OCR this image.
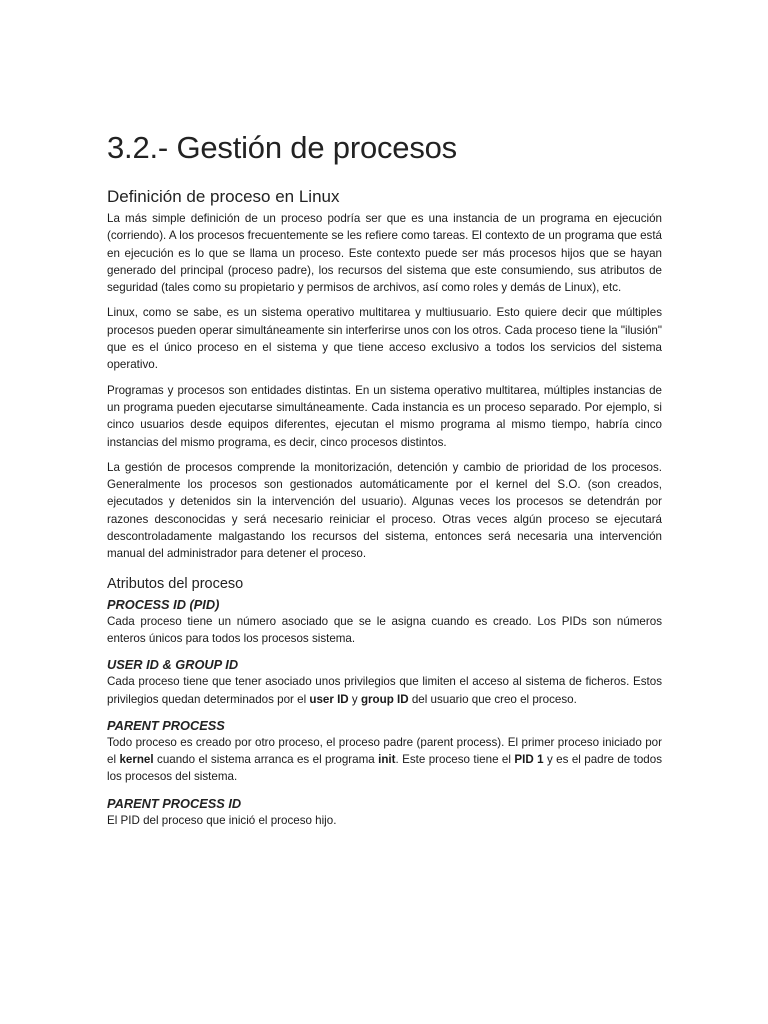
3.2.- Gestión de procesos
Definición de proceso en Linux

La más simple definición de un proceso podría ser que es una instancia de un programa en ejecución (corriendo). A los procesos frecuentemente se les refiere como tareas. El contexto de un programa que está en ejecución es lo que se llama un proceso. Este contexto puede ser más procesos hijos que se hayan generado del principal (proceso padre), los recursos del sistema que este consumiendo, sus atributos de seguridad (tales como su propietario y permisos de archivos, así como roles y demás de Linux), etc.

Linux, como se sabe, es un sistema operativo multitarea y multiusuario. Esto quiere decir que múltiples procesos pueden operar simultáneamente sin interferirse unos con los otros. Cada proceso tiene la "ilusión" que es el único proceso en el sistema y que tiene acceso exclusivo a todos los servicios del sistema operativo.

Programas y procesos son entidades distintas. En un sistema operativo multitarea, múltiples instancias de un programa pueden ejecutarse simultáneamente. Cada instancia es un proceso separado. Por ejemplo, si cinco usuarios desde equipos diferentes, ejecutan el mismo programa al mismo tiempo, habría cinco instancias del mismo programa, es decir, cinco procesos distintos.

La gestión de procesos comprende la monitorización, detención y cambio de prioridad de los procesos. Generalmente los procesos son gestionados automáticamente por el kernel del S.O. (son creados, ejecutados y detenidos sin la intervención del usuario). Algunas veces los procesos se detendrán por razones desconocidas y será necesario reiniciar el proceso. Otras veces algún proceso se ejecutará descontroladamente malgastando los recursos del sistema, entonces será necesaria una intervención manual del administrador para detener el proceso.

Atributos del proceso
PROCESS ID (PID)

Cada proceso tiene un número asociado que se le asigna cuando es creado. Los PIDs son números enteros únicos para todos los procesos sistema.

USER ID & GROUP ID

Cada proceso tiene que tener asociado unos privilegios que limiten el acceso al sistema de ficheros. Estos privilegios quedan determinados por el user ID y group ID del usuario que creo el proceso.

PARENT PROCESS

Todo proceso es creado por otro proceso, el proceso padre (parent process). El primer proceso iniciado por el kernel cuando el sistema arranca es el programa init. Este proceso tiene el PID 1 y es el padre de todos los procesos del sistema.

PARENT PROCESS ID

El PID del proceso que inició el proceso hijo.
